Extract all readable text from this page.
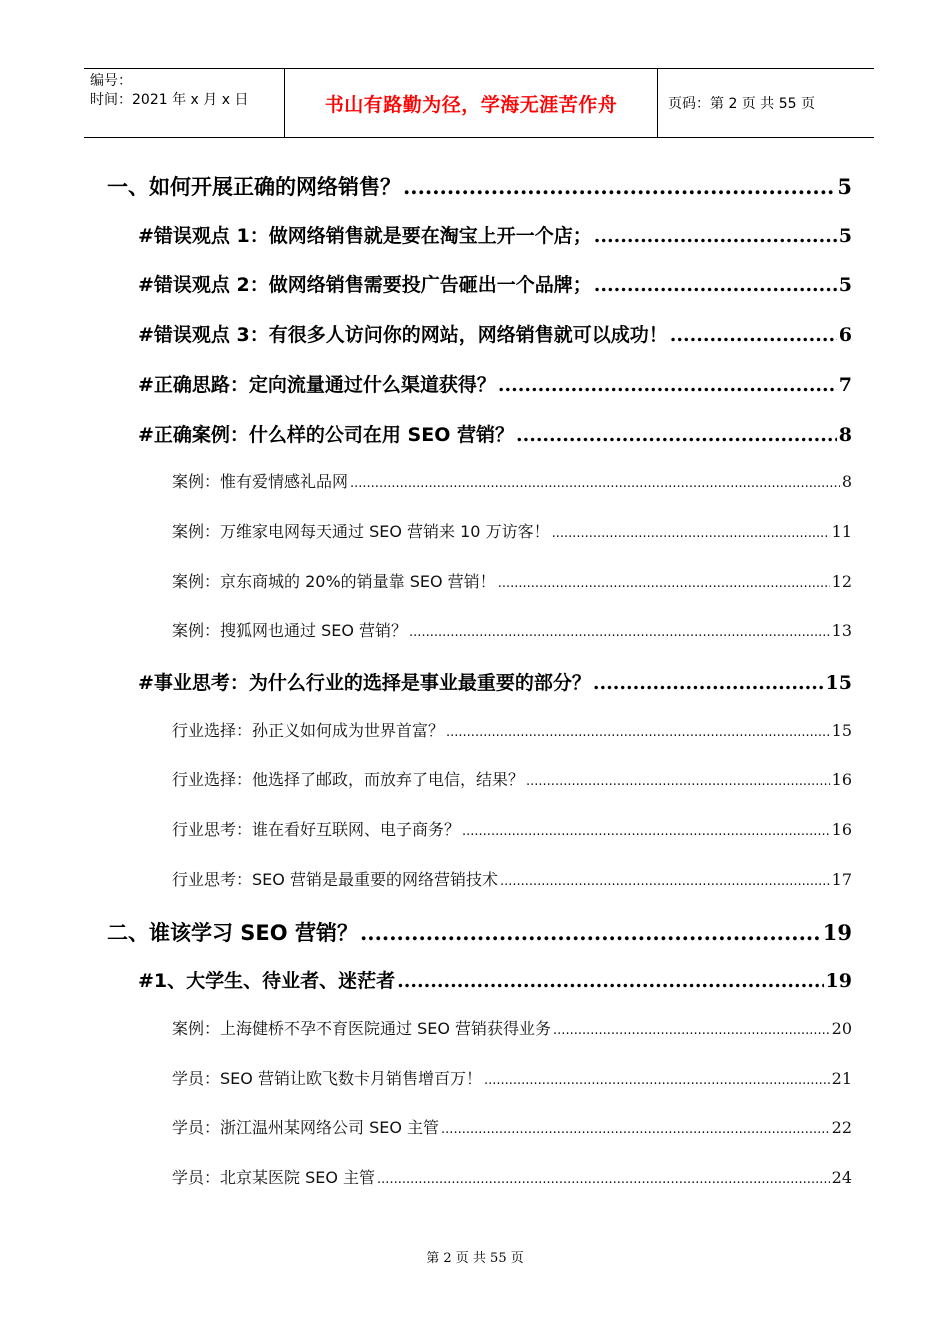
编号：
时间：2021 年 x 月 x 日	书山有路勤为径，学海无涯苦作舟	页码：第 2 页 共 55 页
一、如何开展正确的网络销售？ .....	5
#错误观点 1：做网络销售就是要在淘宝上开一个店； .....	5
#错误观点 2：做网络销售需要投广告砸出一个品牌； .....	5
#错误观点 3：有很多人访问你的网站，网络销售就可以成功！ .....	6
#正确思路：定向流量通过什么渠道获得？ .....	7
#正确案例：什么样的公司在用 SEO 营销？ .....	8
案例：惟有爱情感礼品网 .....	8
案例：万维家电网每天通过 SEO 营销来 10 万访客！ .....	11
案例：京东商城的 20%的销量靠 SEO 营销！ .....	12
案例：搜狐网也通过 SEO 营销？ .....	13
#事业思考：为什么行业的选择是事业最重要的部分？ .....	15
行业选择：孙正义如何成为世界首富？ .....	15
行业选择：他选择了邮政，而放弃了电信，结果？ .....	16
行业思考：谁在看好互联网、电子商务？ .....	16
行业思考：SEO 营销是最重要的网络营销技术 .....	17
二、谁该学习 SEO 营销？ .....	19
#1、大学生、待业者、迷茫者 .....	19
案例：上海健桥不孕不育医院通过 SEO 营销获得业务 .....	20
学员：SEO 营销让欧飞数卡月销售增百万！ .....	21
学员：浙江温州某网络公司 SEO 主管 .....	22
学员：北京某医院 SEO 主管 .....	24
第 2 页 共 55 页
